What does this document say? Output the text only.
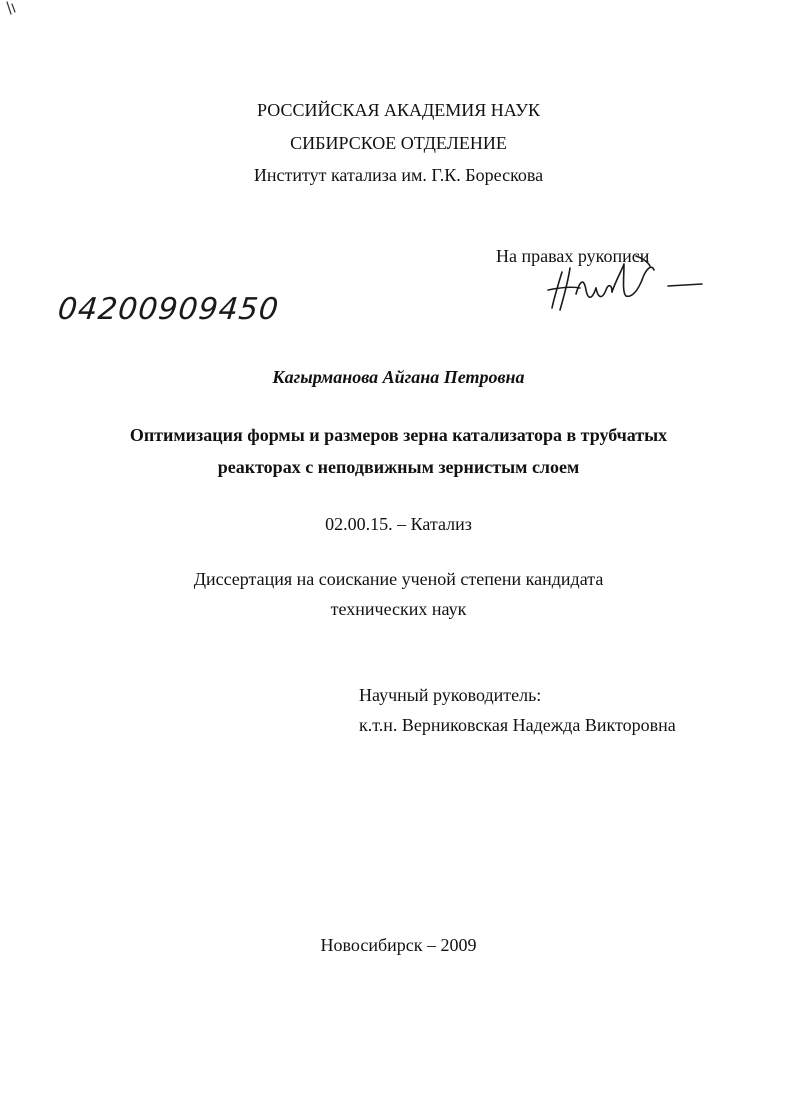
РОССИЙСКАЯ АКАДЕМИЯ НАУК
СИБИРСКОЕ ОТДЕЛЕНИЕ
Институт катализа им. Г.К. Борескова
На правах рукописи
04200909450
Кагырманова Айгана Петровна
Оптимизация формы и размеров зерна катализатора в трубчатых
реакторах с неподвижным зернистым слоем
02.00.15. – Катализ
Диссертация на соискание ученой степени кандидата
технических наук
Научный руководитель:
к.т.н. Верниковская Надежда Викторовна
Новосибирск – 2009
